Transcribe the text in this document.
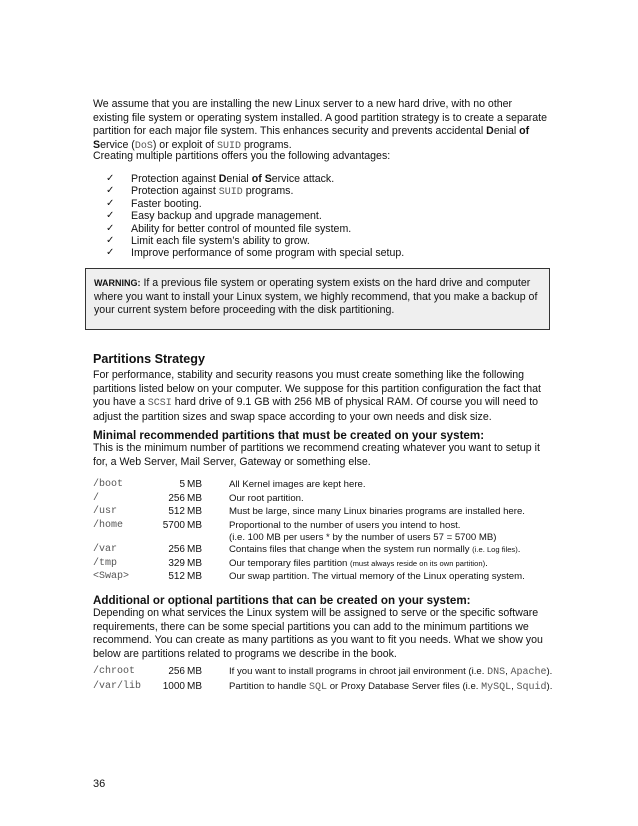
We assume that you are installing the new Linux server to a new hard drive, with no other existing file system or operating system installed. A good partition strategy is to create a separate partition for each major file system. This enhances security and prevents accidental Denial of
Service (DoS) or exploit of SUID programs.

Creating multiple partitions offers you the following advantages:

✓ Protection against Denial of Service attack.
✓ Protection against SUID programs.
✓ Faster booting.
✓ Easy backup and upgrade management.
✓ Ability for better control of mounted file system.
✓ Limit each file system’s ability to grow.
✓ Improve performance of some program with special setup.

WARNING: If a previous file system or operating system exists on the hard drive and computer where you want to install your Linux system, we highly recommend, that you make a backup of your current system before proceeding with the disk partitioning.

Partitions Strategy

For performance, stability and security reasons you must create something like the following partitions listed below on your computer. We suppose for this partition configuration the fact that you have a SCSI hard drive of 9.1 GB with 256 MB of physical RAM. Of course you will need to adjust the partition sizes and swap space according to your own needs and disk size.

Minimal recommended partitions that must be created on your system:

This is the minimum number of partitions we recommend creating whatever you want to setup it for, a Web Server, Mail Server, Gateway or something else.

/boot	5	MB	All Kernel images are kept here.
/	256	MB	Our root partition.
/usr	512	MB	Must be large, since many Linux binaries programs are installed here.
/home	5700	MB	Proportional to the number of users you intend to host.
			(i.e. 100 MB per users * by the number of users 57 = 5700 MB)
/var	256	MB	Contains files that change when the system run normally (i.e. Log files).
/tmp	329	MB	Our temporary files partition (must always reside on its own partition).
<Swap>	512	MB	Our swap partition. The virtual memory of the Linux operating system.
Additional or optional partitions that can be created on your system:

Depending on what services the Linux system will be assigned to serve or the specific software requirements, there can be some special partitions you can add to the minimum partitions we recommend. You can create as many partitions as you want to fit you needs. What we show you below are partitions related to programs we describe in the book.

/chroot	256	MB	If you want to install programs in chroot jail environment (i.e. DNS, Apache).
/var/lib	1000	MB	Partition to handle SQL or Proxy Database Server files (i.e. MySQL, Squid).
36
